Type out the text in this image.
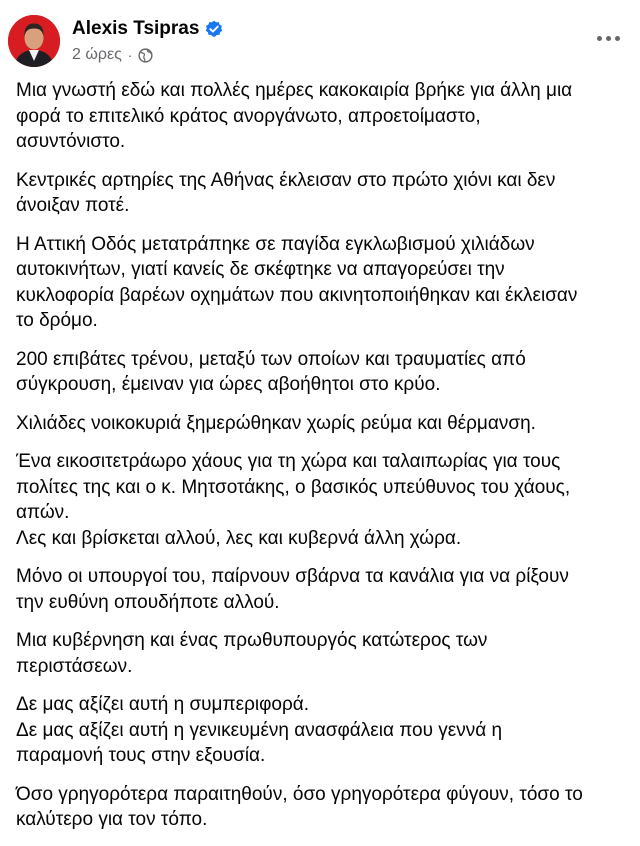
Alexis Tsipras
2 ώρες ·

Μια γνωστή εδώ και πολλές ημέρες κακοκαιρία βρήκε για άλλη μια
φορά το επιτελικό κράτος ανοργάνωτο, απροετοίμαστο,
ασυντόνιστο.

Κεντρικές αρτηρίες της Αθήνας έκλεισαν στο πρώτο χιόνι και δεν
άνοιξαν ποτέ.

Η Αττική Οδός μετατράπηκε σε παγίδα εγκλωβισμού χιλιάδων
αυτοκινήτων, γιατί κανείς δε σκέφτηκε να απαγορεύσει την
κυκλοφορία βαρέων οχημάτων που ακινητοποιήθηκαν και έκλεισαν
το δρόμο.

200 επιβάτες τρένου, μεταξύ των οποίων και τραυματίες από
σύγκρουση, έμειναν για ώρες αβοήθητοι στο κρύο.

Χιλιάδες νοικοκυριά ξημερώθηκαν χωρίς ρεύμα και θέρμανση.

Ένα εικοσιτετράωρο χάους για τη χώρα και ταλαιπωρίας για τους
πολίτες της και ο κ. Μητσοτάκης, ο βασικός υπεύθυνος του χάους,
απών.
Λες και βρίσκεται αλλού, λες και κυβερνά άλλη χώρα.

Μόνο οι υπουργοί του, παίρνουν σβάρνα τα κανάλια για να ρίξουν
την ευθύνη οπουδήποτε αλλού.

Μια κυβέρνηση και ένας πρωθυπουργός κατώτερος των
περιστάσεων.

Δε μας αξίζει αυτή η συμπεριφορά.
Δε μας αξίζει αυτή η γενικευμένη ανασφάλεια που γεννά η
παραμονή τους στην εξουσία.

Όσο γρηγορότερα παραιτηθούν, όσο γρηγορότερα φύγουν, τόσο το
καλύτερο για τον τόπο.
